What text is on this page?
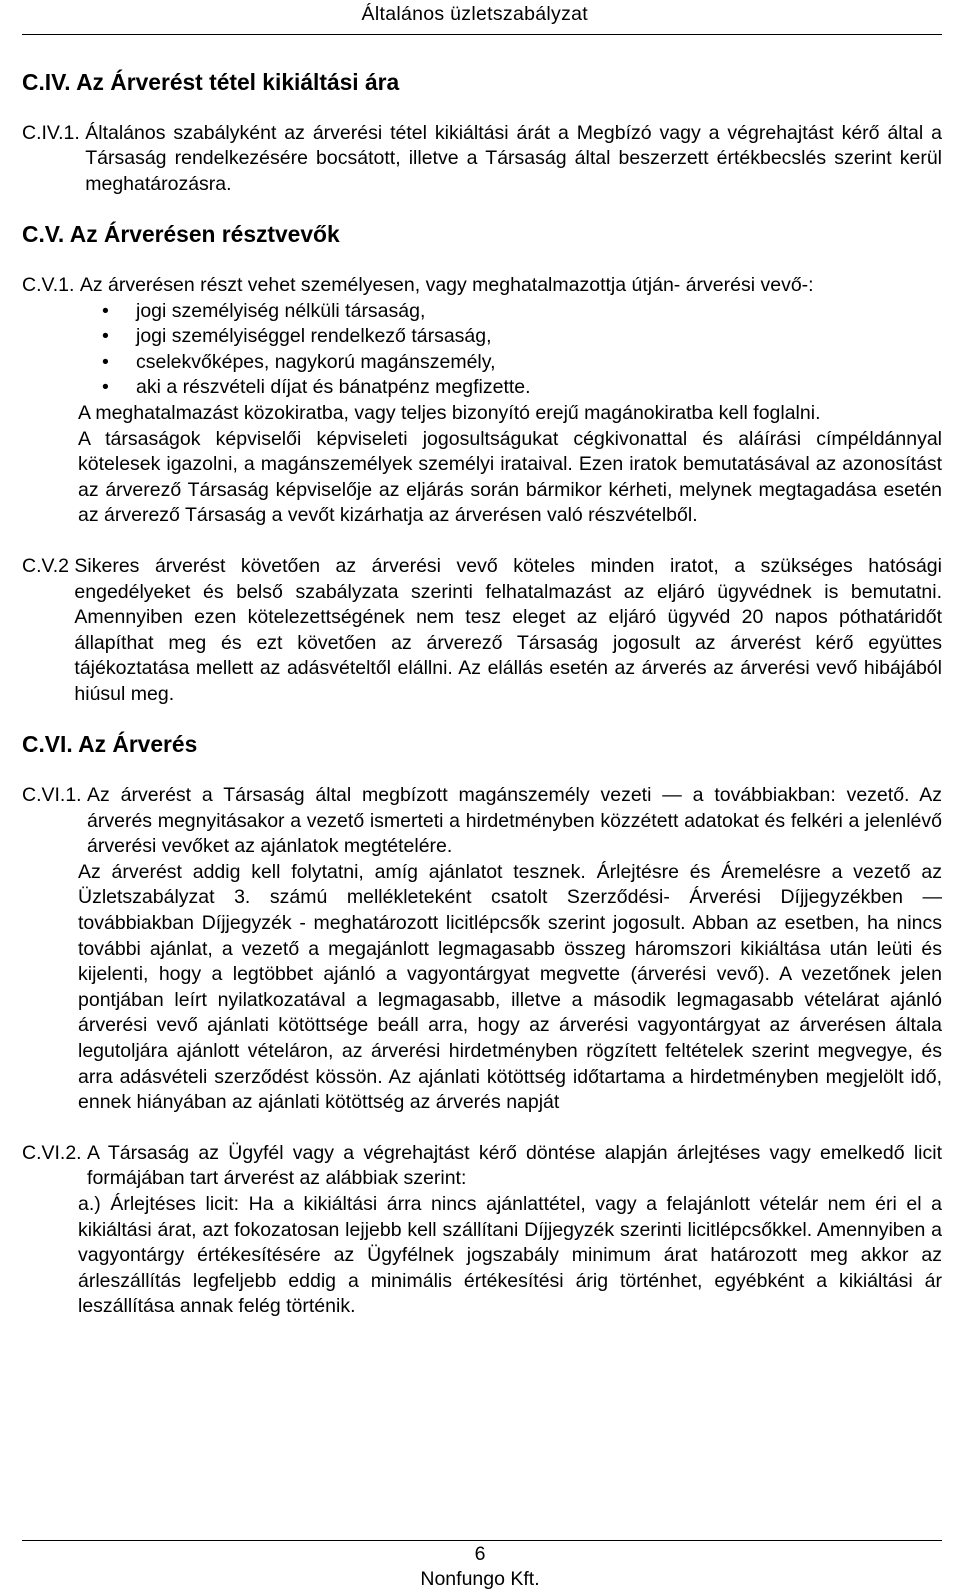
Általános üzletszabályzat
C.IV. Az Árverést tétel kikiáltási ára
C.IV.1. Általános szabályként az árverési tétel kikiáltási árát a Megbízó vagy a végrehajtást kérő által a Társaság rendelkezésére bocsátott, illetve a Társaság által beszerzett értékbecslés szerint kerül meghatározásra.
C.V. Az Árverésen résztvevők
C.V.1. Az árverésen részt vehet személyesen, vagy meghatalmazottja útján- árverési vevő-:
• jogi személyiség nélküli társaság,
• jogi személyiséggel rendelkező társaság,
• cselekvőképes, nagykorú magánszemély,
• aki a részvételi díjat és bánatpénz megfizette.

A meghatalmazást közokiratba, vagy teljes bizonyító erejű magánokiratba kell foglalni.

A társaságok képviselői képviseleti jogosultságukat cégkivonattal és aláírási címpéldánnyal kötelesek igazolni, a magánszemélyek személyi irataival. Ezen iratok bemutatásával az azonosítást az árverező Társaság képviselője az eljárás során bármikor kérheti, melynek megtagadása esetén az árverező Társaság a vevőt kizárhatja az árverésen való részvételből.

C.V.2 Sikeres árverést követően az árverési vevő köteles minden iratot, a szükséges hatósági engedélyeket és belső szabályzata szerinti felhatalmazást az eljáró ügyvédnek is bemutatni. Amennyiben ezen kötelezettségének nem tesz eleget az eljáró ügyvéd 20 napos póthatáridőt állapíthat meg és ezt követően az árverező Társaság jogosult az árverést kérő együttes tájékoztatása mellett az adásvételtől elállni. Az elállás esetén az árverés az árverési vevő hibájából hiúsul meg.
C.VI. Az Árverés
C.VI.1. Az árverést a Társaság által megbízott magánszemély vezeti — a továbbiakban: vezető. Az árverés megnyitásakor a vezető ismerteti a hirdetményben közzétett adatokat és felkéri a jelenlévő árverési vevőket az ajánlatok megtételére.

Az árverést addig kell folytatni, amíg ajánlatot tesznek. Árlejtésre és Áremelésre a vezető az Üzletszabályzat 3. számú mellékleteként csatolt Szerződési- Árverési Díjjegyzékben — továbbiakban Díjjegyzék - meghatározott licitlépcsők szerint jogosult. Abban az esetben, ha nincs további ajánlat, a vezető a megajánlott legmagasabb összeg háromszori kikiáltása után leüti és kijelenti, hogy a legtöbbet ajánló a vagyontárgyat megvette (árverési vevő). A vezetőnek jelen pontjában leírt nyilatkozatával a legmagasabb, illetve a második legmagasabb vételárat ajánló árverési vevő ajánlati kötöttsége beáll arra, hogy az árverési vagyontárgyat az árverésen általa legutoljára ajánlott vételáron, az árverési hirdetményben rögzített feltételek szerint megvegye, és arra adásvételi szerződést kössön. Az ajánlati kötöttség időtartama a hirdetményben megjelölt idő, ennek hiányában az ajánlati kötöttség az árverés napját

C.VI.2. A Társaság az Ügyfél vagy a végrehajtást kérő döntése alapján árlejtéses vagy emelkedő licit formájában tart árverést az alábbiak szerint:

a.) Árlejtéses licit: Ha a kikiáltási árra nincs ajánlattétel, vagy a felajánlott vételár nem éri el a kikiáltási árat, azt fokozatosan lejjebb kell szállítani Díjjegyzék szerinti licitlépcsőkkel. Amennyiben a vagyontárgy értékesítésére az Ügyfélnek jogszabály minimum árat határozott meg akkor az árleszállítás legfeljebb eddig a minimális értékesítési árig történhet, egyébként a kikiáltási ár leszállítása annak felég történik.

6
Nonfungo Kft.
